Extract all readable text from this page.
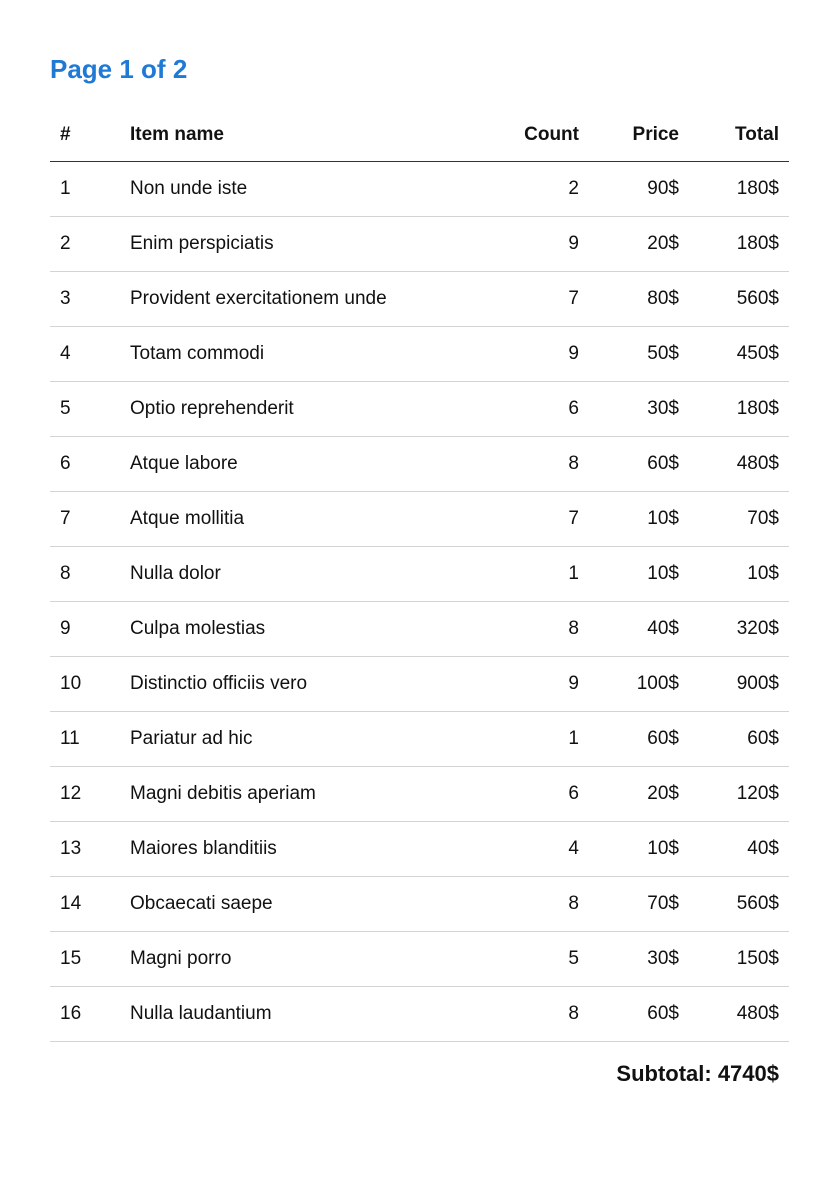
Page 1 of 2
#	Item name	Count	Price	Total
1	Non unde iste	2	90$	180$
2	Enim perspiciatis	9	20$	180$
3	Provident exercitationem unde	7	80$	560$
4	Totam commodi	9	50$	450$
5	Optio reprehenderit	6	30$	180$
6	Atque labore	8	60$	480$
7	Atque mollitia	7	10$	70$
8	Nulla dolor	1	10$	10$
9	Culpa molestias	8	40$	320$
10	Distinctio officiis vero	9	100$	900$
11	Pariatur ad hic	1	60$	60$
12	Magni debitis aperiam	6	20$	120$
13	Maiores blanditiis	4	10$	40$
14	Obcaecati saepe	8	70$	560$
15	Magni porro	5	30$	150$
16	Nulla laudantium	8	60$	480$
Subtotal: 4740$
